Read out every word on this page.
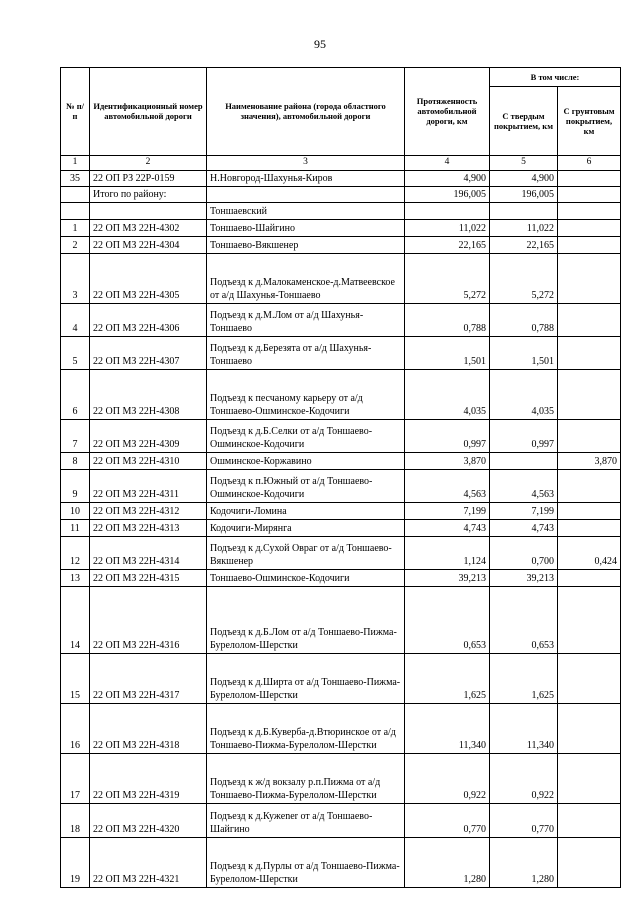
95
№ п/п	Идентификационный номер автомобильной дороги	Наименование района (города областного значения), автомобильной дороги	Протяженность автомобильной дороги, км	В том числе:	
				С твердым покрытием, км	С грунтовым покрытием, км
1	2	3	4	5	6
35	22 ОП РЗ 22Р-0159	Н.Новгород-Шахунья-Киров	4,900	4,900	
	Итого по району:		196,005	196,005	
		Тоншаевский			
1	22 ОП МЗ 22Н-4302	Тоншаево-Шайгино	11,022	11,022	
2	22 ОП МЗ 22Н-4304	Тоншаево-Вякшенер	22,165	22,165	
3	22 ОП МЗ 22Н-4305	Подъезд к д.Малокаменское-д.Матвеевское от а/д Шахунья-Тоншаево	5,272	5,272	
4	22 ОП МЗ 22Н-4306	Подъезд к д.М.Лом от а/д Шахунья-Тоншаево	0,788	0,788	
5	22 ОП МЗ 22Н-4307	Подъезд к д.Березята от а/д Шахунья-Тоншаево	1,501	1,501	
6	22 ОП МЗ 22Н-4308	Подъезд к песчаному карьеру от а/д Тоншаево-Ошминское-Кодочиги	4,035	4,035	
7	22 ОП МЗ 22Н-4309	Подъезд к д.Б.Селки от а/д Тоншаево-Ошминское-Кодочиги	0,997	0,997	
8	22 ОП МЗ 22Н-4310	Ошминское-Коржавино	3,870		3,870
9	22 ОП МЗ 22Н-4311	Подъезд к п.Южный от а/д Тоншаево-Ошминское-Кодочиги	4,563	4,563	
10	22 ОП МЗ 22Н-4312	Кодочиги-Ломина	7,199	7,199	
11	22 ОП МЗ 22Н-4313	Кодочиги-Мирянга	4,743	4,743	
12	22 ОП МЗ 22Н-4314	Подъезд к д.Сухой Овраг от а/д Тоншаево-Вякшенер	1,124	0,700	0,424
13	22 ОП МЗ 22Н-4315	Тоншаево-Ошминское-Кодочиги	39,213	39,213	
14	22 ОП МЗ 22Н-4316	Подъезд к д.Б.Лом от а/д Тоншаево-Пижма-Бурелолом-Шерстки	0,653	0,653	
15	22 ОП МЗ 22Н-4317	Подъезд к д.Ширта от а/д Тоншаево-Пижма-Бурелолом-Шерстки	1,625	1,625	
16	22 ОП МЗ 22Н-4318	Подъезд к д.Б.Куверба-д.Втюринское от а/д Тоншаево-Пижма-Бурелолом-Шерстки	11,340	11,340	
17	22 ОП МЗ 22Н-4319	Подъезд к ж/д вокзалу р.п.Пижма от а/д Тоншаево-Пижма-Бурелолом-Шерстки	0,922	0,922	
18	22 ОП МЗ 22Н-4320	Подъезд к д.Кужener от а/д Тоншаево-Шайгино	0,770	0,770	
19	22 ОП МЗ 22Н-4321	Подъезд к д.Пурлы от а/д Тоншаево-Пижма-Бурелолом-Шерстки	1,280	1,280	
